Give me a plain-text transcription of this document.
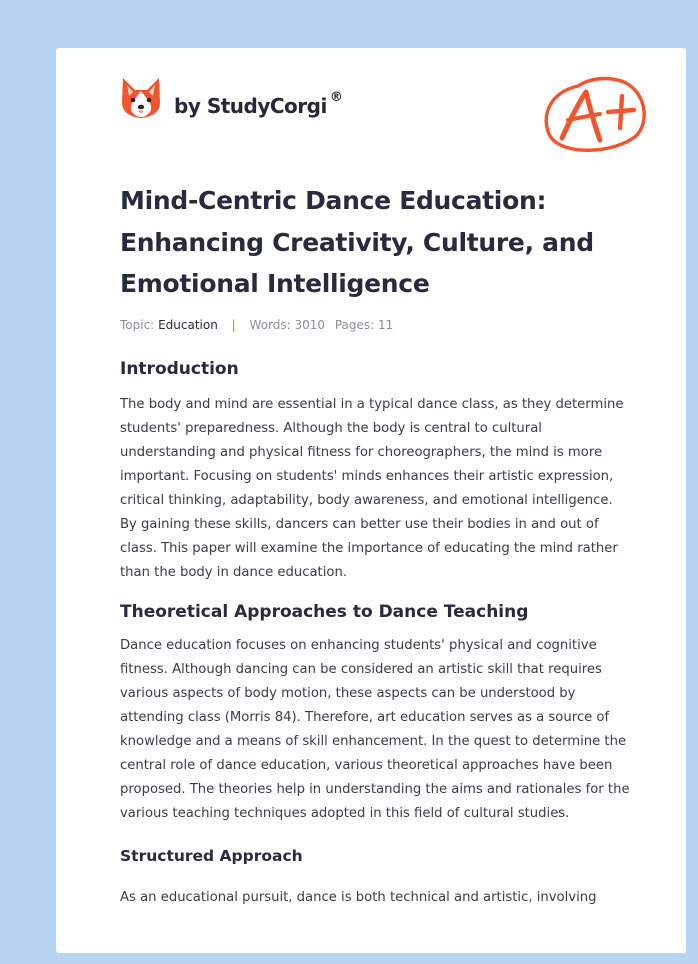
by StudyCorgi ®
Mind-Centric Dance Education: Enhancing Creativity, Culture, and Emotional Intelligence
Topic: Education | Words: 3010 Pages: 11
Introduction

The body and mind are essential in a typical dance class, as they determine students' preparedness. Although the body is central to cultural understanding and physical fitness for choreographers, the mind is more important. Focusing on students' minds enhances their artistic expression, critical thinking, adaptability, body awareness, and emotional intelligence. By gaining these skills, dancers can better use their bodies in and out of class. This paper will examine the importance of educating the mind rather than the body in dance education.

Theoretical Approaches to Dance Teaching

Dance education focuses on enhancing students' physical and cognitive fitness. Although dancing can be considered an artistic skill that requires various aspects of body motion, these aspects can be understood by attending class (Morris 84). Therefore, art education serves as a source of knowledge and a means of skill enhancement. In the quest to determine the central role of dance education, various theoretical approaches have been proposed. The theories help in understanding the aims and rationales for the various teaching techniques adopted in this field of cultural studies.

Structured Approach

As an educational pursuit, dance is both technical and artistic, involving
